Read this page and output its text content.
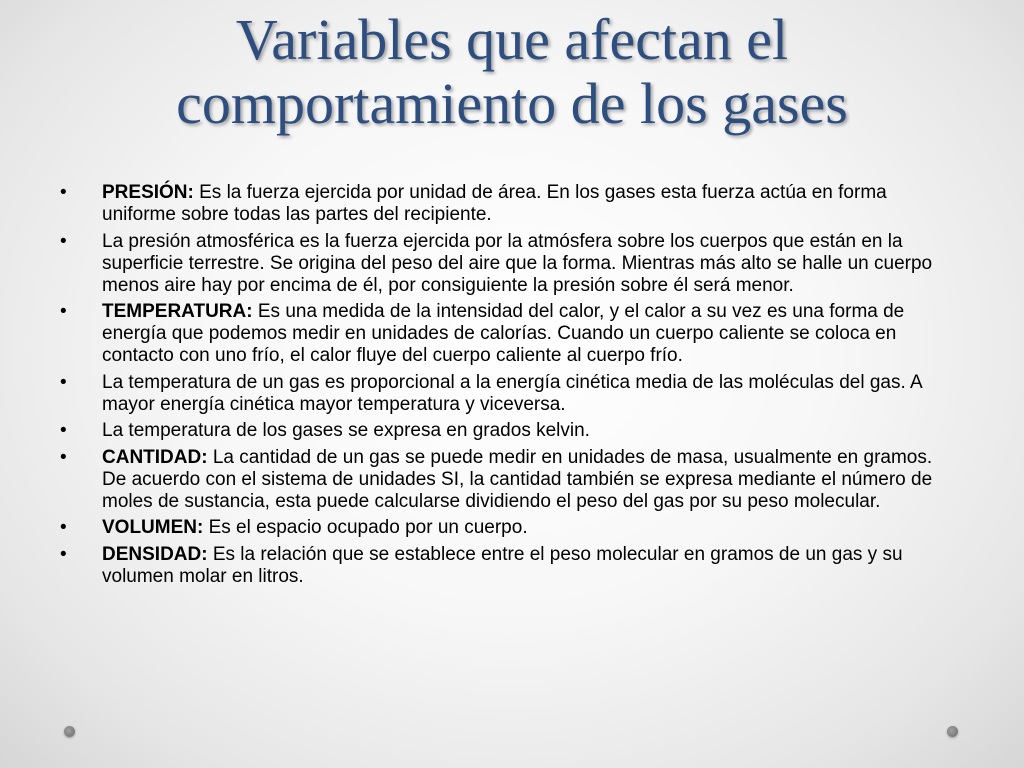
Variables que afectan el
comportamiento de los gases
• PRESIÓN: Es la fuerza ejercida por unidad de área. En los gases esta fuerza actúa en forma uniforme sobre todas las partes del recipiente.
• La presión atmosférica es la fuerza ejercida por la atmósfera sobre los cuerpos que están en la superficie terrestre. Se origina del peso del aire que la forma. Mientras más alto se halle un cuerpo menos aire hay por encima de él, por consiguiente la presión sobre él será menor.
• TEMPERATURA: Es una medida de la intensidad del calor, y el calor a su vez es una forma de energía que podemos medir en unidades de calorías. Cuando un cuerpo caliente se coloca en contacto con uno frío, el calor fluye del cuerpo caliente al cuerpo frío.
• La temperatura de un gas es proporcional a la energía cinética media de las moléculas del gas. A mayor energía cinética mayor temperatura y viceversa.
• La temperatura de los gases se expresa en grados kelvin.
• CANTIDAD: La cantidad de un gas se puede medir en unidades de masa, usualmente en gramos. De acuerdo con el sistema de unidades SI, la cantidad también se expresa mediante el número de moles de sustancia, esta puede calcularse dividiendo el peso del gas por su peso molecular.
• VOLUMEN: Es el espacio ocupado por un cuerpo.
• DENSIDAD: Es la relación que se establece entre el peso molecular en gramos de un gas y su volumen molar en litros.
